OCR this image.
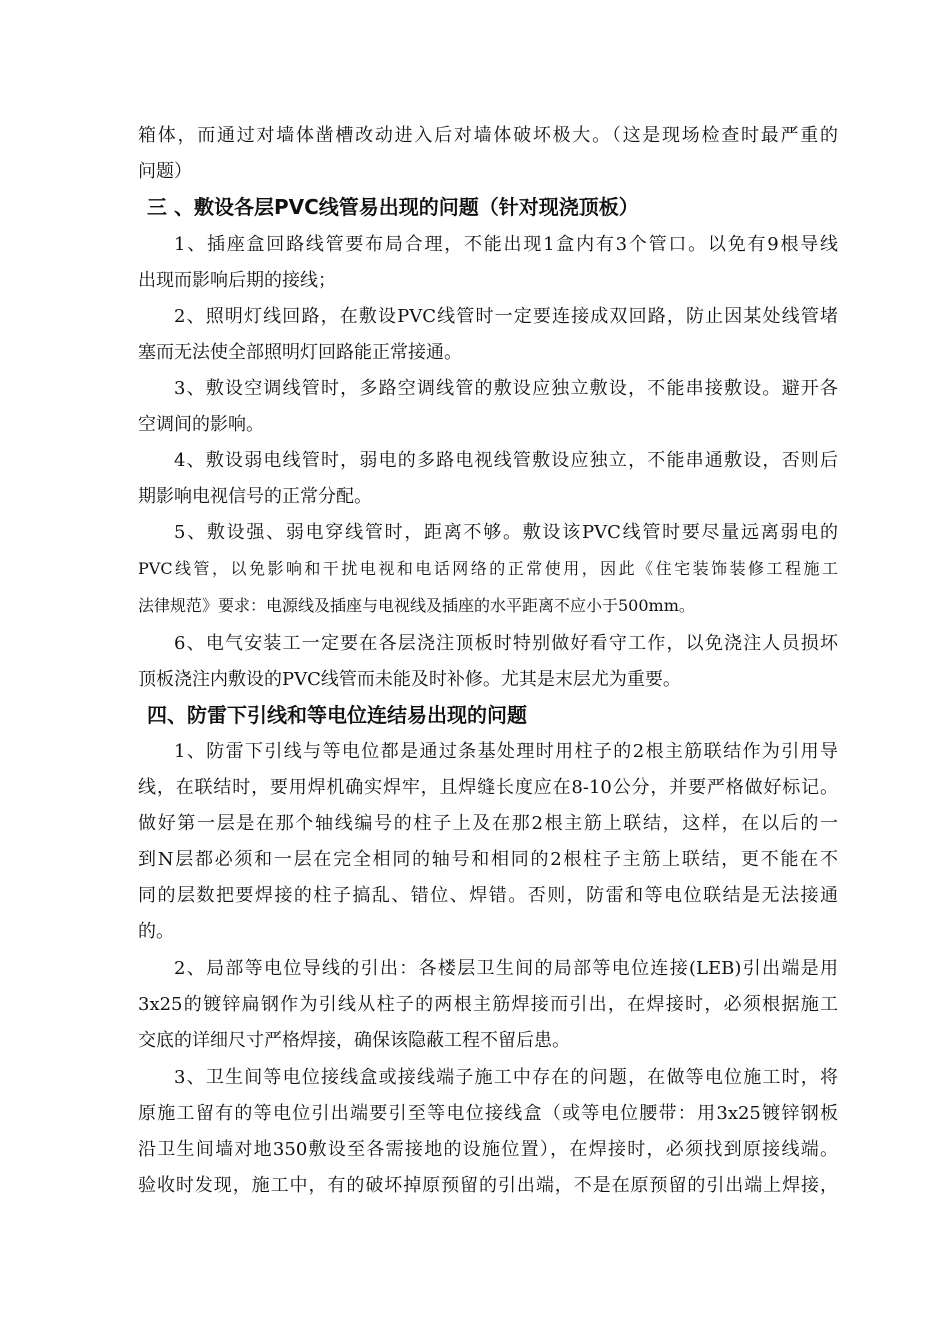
箱体，而通过对墙体凿槽改动进入后对墙体破坏极大。（这是现场检查时最严重的
问题）
三 、敷设各层PVC线管易出现的问题（针对现浇顶板）
1、插座盒回路线管要布局合理，不能出现1盒内有3个管口。以免有9根导线
出现而影响后期的接线；
2、照明灯线回路，在敷设PVC线管时一定要连接成双回路，防止因某处线管堵
塞而无法使全部照明灯回路能正常接通。
3、敷设空调线管时，多路空调线管的敷设应独立敷设，不能串接敷设。避开各
空调间的影响。
4、敷设弱电线管时，弱电的多路电视线管敷设应独立，不能串通敷设，否则后
期影响电视信号的正常分配。
5、敷设强、弱电穿线管时，距离不够。敷设该PVC线管时要尽量远离弱电的
PVC线管，以免影响和干扰电视和电话网络的正常使用，因此《住宅装饰装修工程施工
法律规范》要求：电源线及插座与电视线及插座的水平距离不应小于500mm。
6、电气安装工一定要在各层浇注顶板时特别做好看守工作，以免浇注人员损坏
顶板浇注内敷设的PVC线管而未能及时补修。尤其是末层尤为重要。
四、防雷下引线和等电位连结易出现的问题
1、防雷下引线与等电位都是通过条基处理时用柱子的2根主筋联结作为引用导
线，在联结时，要用焊机确实焊牢，且焊缝长度应在8-10公分，并要严格做好标记。
做好第一层是在那个轴线编号的柱子上及在那2根主筋上联结，这样，在以后的一
到N层都必须和一层在完全相同的轴号和相同的2根柱子主筋上联结，更不能在不
同的层数把要焊接的柱子搞乱、错位、焊错。否则，防雷和等电位联结是无法接通
的。
2、局部等电位导线的引出：各楼层卫生间的局部等电位连接(LEB)引出端是用
3x25的镀锌扁钢作为引线从柱子的两根主筋焊接而引出，在焊接时，必须根据施工
交底的详细尺寸严格焊接，确保该隐蔽工程不留后患。
3、卫生间等电位接线盒或接线端子施工中存在的问题，在做等电位施工时，将
原施工留有的等电位引出端要引至等电位接线盒（或等电位腰带：用3x25镀锌钢板
沿卫生间墙对地350敷设至各需接地的设施位置），在焊接时，必须找到原接线端。
验收时发现，施工中，有的破坏掉原预留的引出端，不是在原预留的引出端上焊接，
